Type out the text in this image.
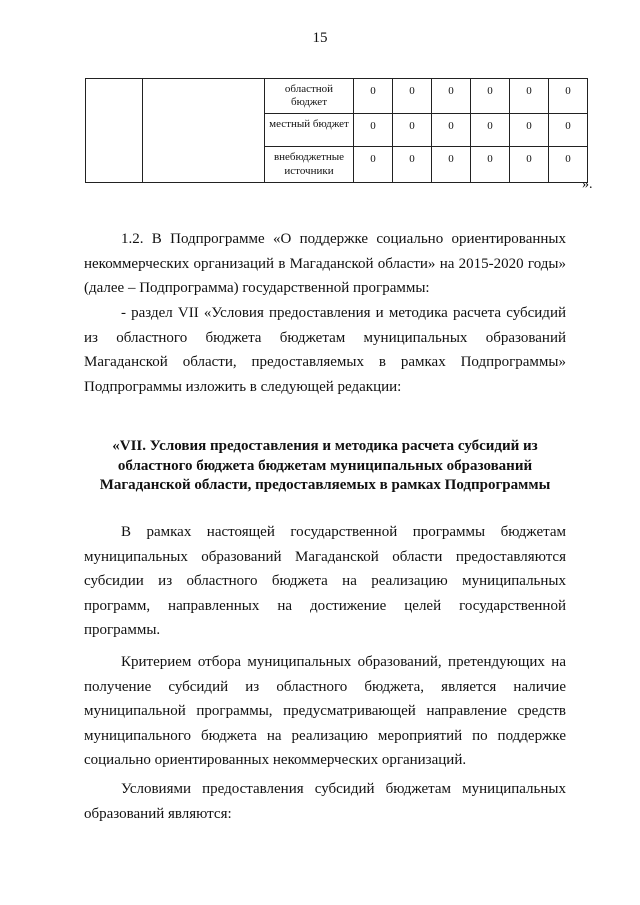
15
		областной бюджет	0	0	0	0	0	0
		местный бюджет	0	0	0	0	0	0
		внебюджетные источники	0	0	0	0	0	0
».
1.2. В Подпрограмме «О поддержке социально ориентированных
некоммерческих организаций в Магаданской области» на 2015-2020 годы»
(далее – Подпрограмма) государственной программы:
- раздел VII «Условия предоставления и методика расчета субсидий
из областного бюджета бюджетам муниципальных образований
Магаданской области, предоставляемых в рамках Подпрограммы»
Подпрограммы изложить в следующей редакции:
«VII. Условия предоставления и методика расчета субсидий из
областного бюджета бюджетам муниципальных образований
Магаданской области, предоставляемых в рамках Подпрограммы
В рамках настоящей государственной программы бюджетам
муниципальных образований Магаданской области предоставляются
субсидии из областного бюджета на реализацию муниципальных
программ, направленных на достижение целей государственной
программы.
Критерием отбора муниципальных образований, претендующих на
получение субсидий из областного бюджета, является наличие
муниципальной программы, предусматривающей направление средств
муниципального бюджета на реализацию мероприятий по поддержке
социально ориентированных некоммерческих организаций.
Условиями предоставления субсидий бюджетам муниципальных
образований являются:
